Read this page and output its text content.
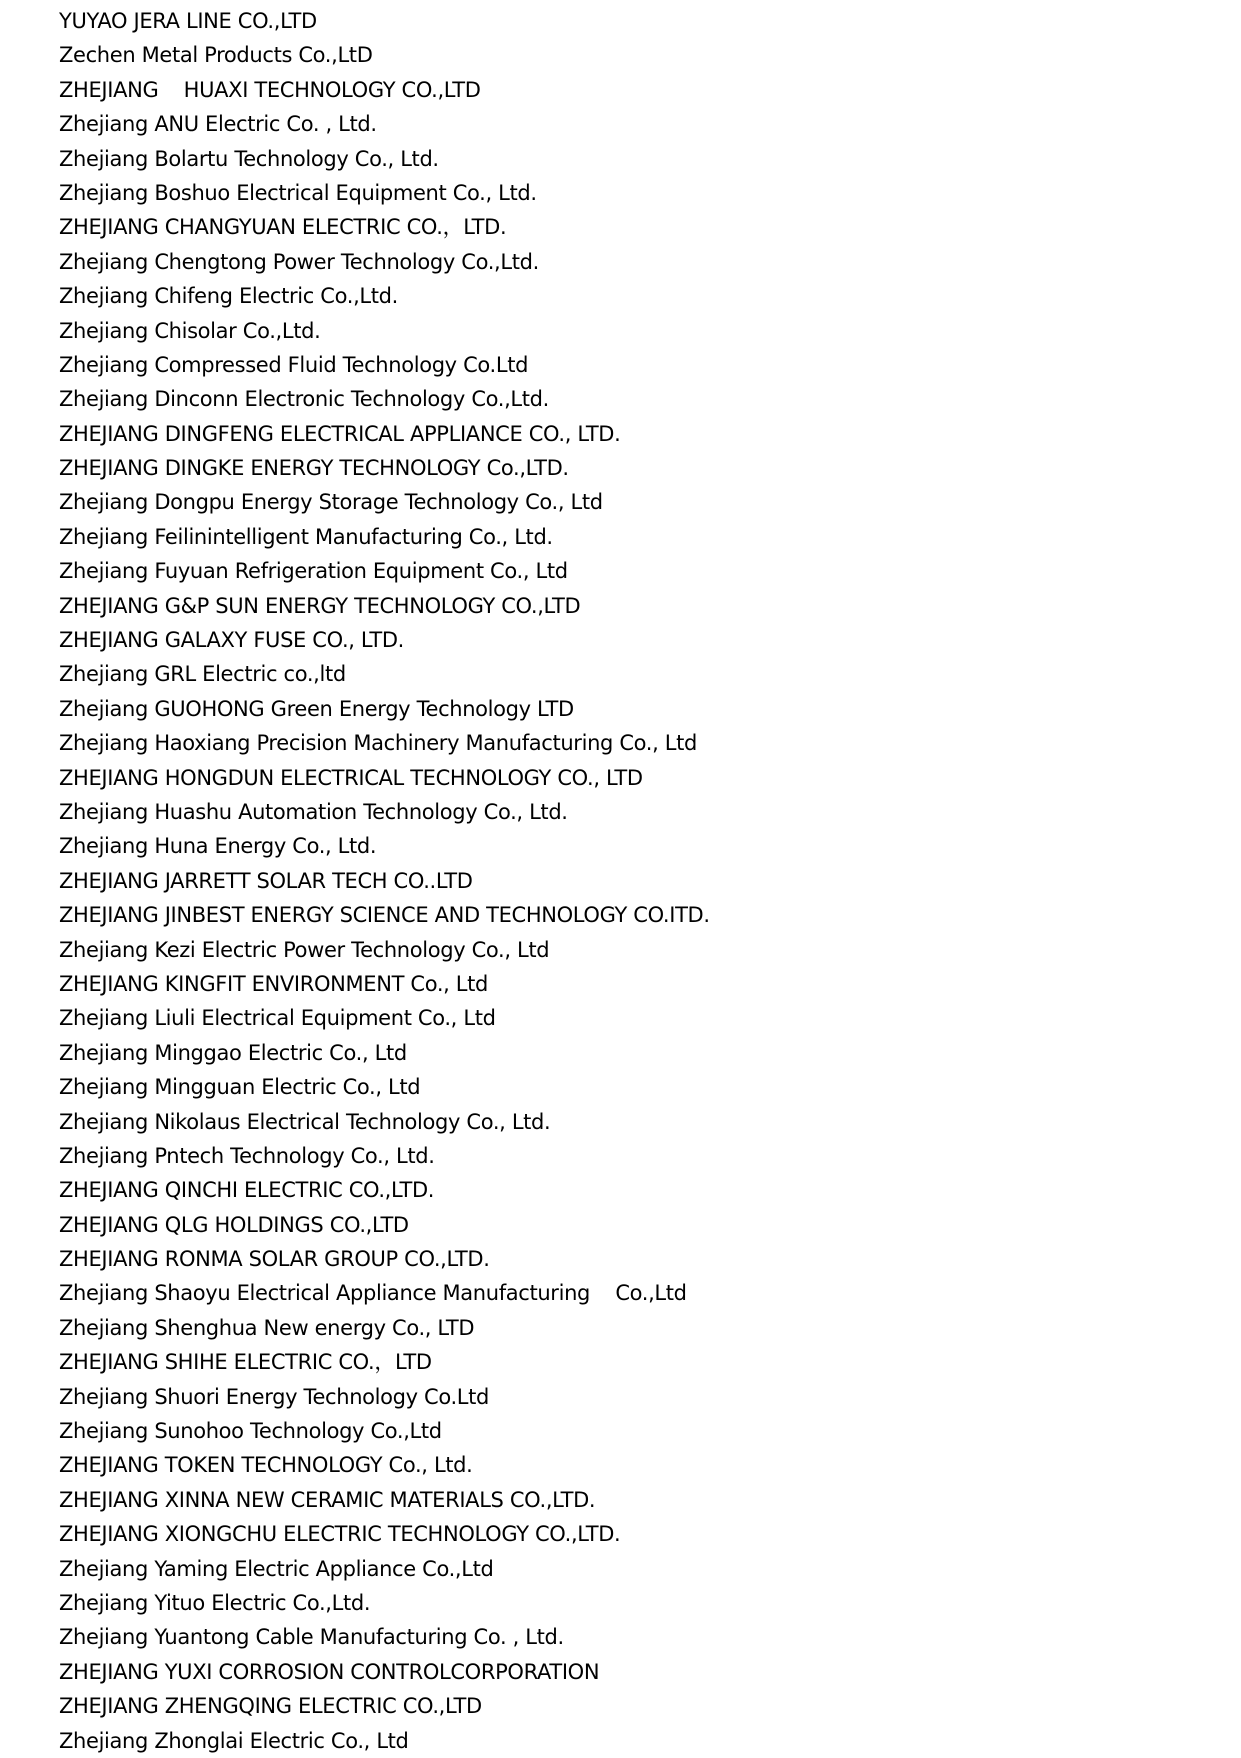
YUYAO JERA LINE CO.,LTD
Zechen Metal Products Co.,LtD
ZHEJIANG    HUAXI TECHNOLOGY CO.,LTD
Zhejiang ANU Electric Co. , Ltd.
Zhejiang Bolartu Technology Co., Ltd.
Zhejiang Boshuo Electrical Equipment Co., Ltd.
ZHEJIANG CHANGYUAN ELECTRIC CO.，LTD.
Zhejiang Chengtong Power Technology Co.,Ltd.
Zhejiang Chifeng Electric Co.,Ltd.
Zhejiang Chisolar Co.,Ltd.
Zhejiang Compressed Fluid Technology Co.Ltd
Zhejiang Dinconn Electronic Technology Co.,Ltd.
ZHEJIANG DINGFENG ELECTRICAL APPLIANCE CO., LTD.
ZHEJIANG DINGKE ENERGY TECHNOLOGY Co.,LTD.
Zhejiang Dongpu Energy Storage Technology Co., Ltd
Zhejiang Feilinintelligent Manufacturing Co., Ltd.
Zhejiang Fuyuan Refrigeration Equipment Co., Ltd
ZHEJIANG G&P SUN ENERGY TECHNOLOGY CO.,LTD
ZHEJIANG GALAXY FUSE CO., LTD.
Zhejiang GRL Electric co.,ltd
Zhejiang GUOHONG Green Energy Technology LTD
Zhejiang Haoxiang Precision Machinery Manufacturing Co., Ltd
ZHEJIANG HONGDUN ELECTRICAL TECHNOLOGY CO., LTD
Zhejiang Huashu Automation Technology Co., Ltd.
Zhejiang Huna Energy Co., Ltd.
ZHEJIANG JARRETT SOLAR TECH CO..LTD
ZHEJIANG JINBEST ENERGY SCIENCE AND TECHNOLOGY CO.ITD.
Zhejiang Kezi Electric Power Technology Co., Ltd
ZHEJIANG KINGFIT ENVIRONMENT Co., Ltd
Zhejiang Liuli Electrical Equipment Co., Ltd
Zhejiang Minggao Electric Co., Ltd
Zhejiang Mingguan Electric Co., Ltd
Zhejiang Nikolaus Electrical Technology Co., Ltd.
Zhejiang Pntech Technology Co., Ltd.
ZHEJIANG QINCHI ELECTRIC CO.,LTD.
ZHEJIANG QLG HOLDINGS CO.,LTD
ZHEJIANG RONMA SOLAR GROUP CO.,LTD.
Zhejiang Shaoyu Electrical Appliance Manufacturing    Co.,Ltd
Zhejiang Shenghua New energy Co., LTD
ZHEJIANG SHIHE ELECTRIC CO.，LTD
Zhejiang Shuori Energy Technology Co.Ltd
Zhejiang Sunohoo Technology Co.,Ltd
ZHEJIANG TOKEN TECHNOLOGY Co., Ltd.
ZHEJIANG XINNA NEW CERAMIC MATERIALS CO.,LTD.
ZHEJIANG XIONGCHU ELECTRIC TECHNOLOGY CO.,LTD.
Zhejiang Yaming Electric Appliance Co.,Ltd
Zhejiang Yituo Electric Co.,Ltd.
Zhejiang Yuantong Cable Manufacturing Co. , Ltd.
ZHEJIANG YUXI CORROSION CONTROLCORPORATION
ZHEJIANG ZHENGQING ELECTRIC CO.,LTD
Zhejiang Zhonglai Electric Co., Ltd
